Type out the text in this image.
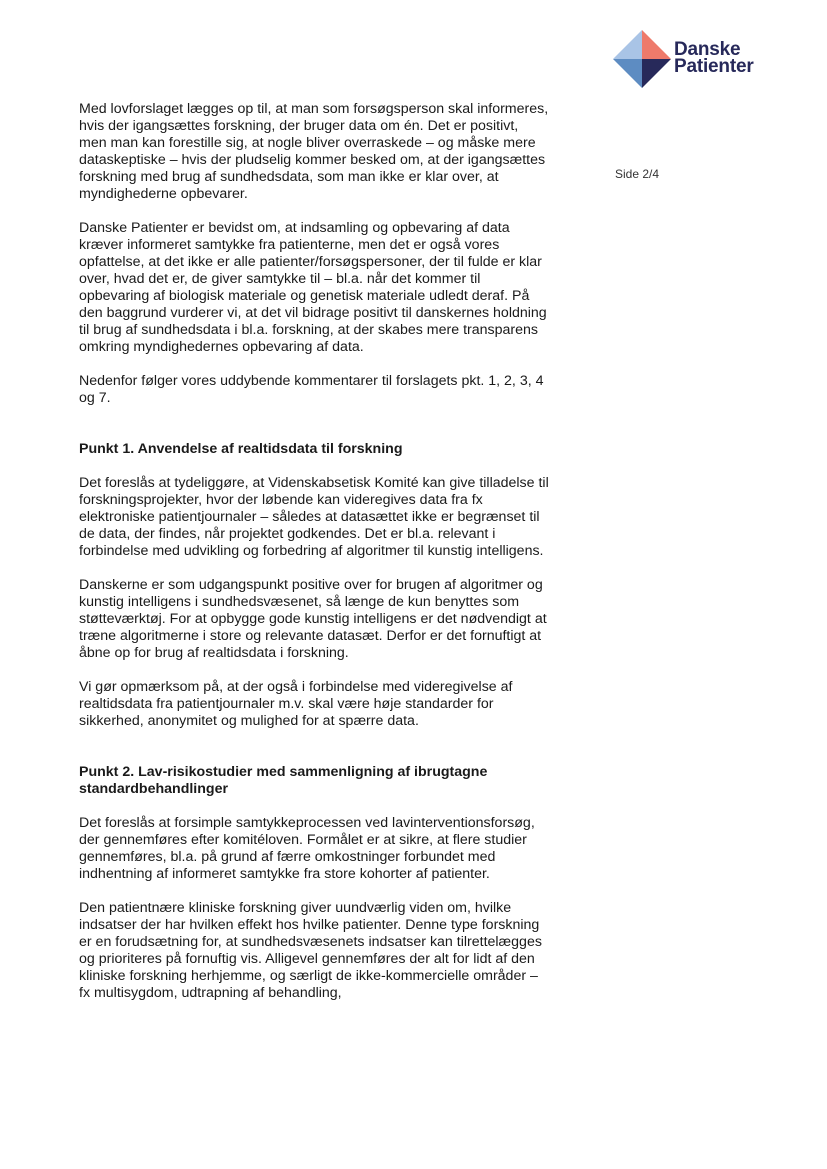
Danske
Patienter
Side 2/4

Med lovforslaget lægges op til, at man som forsøgsperson skal informeres, hvis der igangsættes forskning, der bruger data om én. Det er positivt, men man kan forestille sig, at nogle bliver overraskede – og måske mere dataskeptiske – hvis der pludselig kommer besked om, at der igangsættes forskning med brug af sundhedsdata, som man ikke er klar over, at myndighederne opbevarer.

Danske Patienter er bevidst om, at indsamling og opbevaring af data kræver informeret samtykke fra patienterne, men det er også vores opfattelse, at det ikke er alle patienter/forsøgspersoner, der til fulde er klar over, hvad det er, de giver samtykke til – bl.a. når det kommer til opbevaring af biologisk materiale og genetisk materiale udledt deraf. På den baggrund vurderer vi, at det vil bidrage positivt til danskernes holdning til brug af sundhedsdata i bl.a. forskning, at der skabes mere transparens omkring myndighedernes opbevaring af data.

Nedenfor følger vores uddybende kommentarer til forslagets pkt. 1, 2, 3, 4 og 7.

Punkt 1. Anvendelse af realtidsdata til forskning

Det foreslås at tydeliggøre, at Videnskabsetisk Komité kan give tilladelse til forskningsprojekter, hvor der løbende kan videregives data fra fx elektroniske patientjournaler – således at datasættet ikke er begrænset til de data, der findes, når projektet godkendes. Det er bl.a. relevant i forbindelse med udvikling og forbedring af algoritmer til kunstig intelligens.

Danskerne er som udgangspunkt positive over for brugen af algoritmer og kunstig intelligens i sundhedsvæsenet, så længe de kun benyttes som støtteværktøj. For at opbygge gode kunstig intelligens er det nødvendigt at træne algoritmerne i store og relevante datasæt. Derfor er det fornuftigt at åbne op for brug af realtidsdata i forskning.

Vi gør opmærksom på, at der også i forbindelse med videregivelse af realtidsdata fra patientjournaler m.v. skal være høje standarder for sikkerhed, anonymitet og mulighed for at spærre data.

Punkt 2. Lav-risikostudier med sammenligning af ibrugtagne standardbehandlinger

Det foreslås at forsimple samtykkeprocessen ved lavinterventionsforsøg, der gennemføres efter komitéloven. Formålet er at sikre, at flere studier gennemføres, bl.a. på grund af færre omkostninger forbundet med indhentning af informeret samtykke fra store kohorter af patienter.

Den patientnære kliniske forskning giver uundværlig viden om, hvilke indsatser der har hvilken effekt hos hvilke patienter. Denne type forskning er en forudsætning for, at sundhedsvæsenets indsatser kan tilrettelægges og prioriteres på fornuftig vis. Alligevel gennemføres der alt for lidt af den kliniske forskning herhjemme, og særligt de ikke-kommercielle områder – fx multisygdom, udtrapning af behandling,
